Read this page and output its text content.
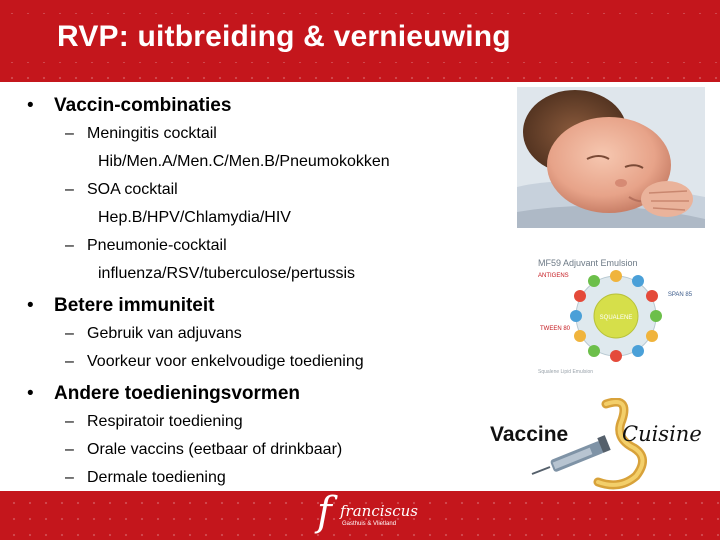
RVP: uitbreiding & vernieuwing
• Vaccin-combinaties
– Meningitis cocktail
Hib/Men.A/Men.C/Men.B/Pneumokokken
– SOA cocktail
Hep.B/HPV/Chlamydia/HIV
– Pneumonie-cocktail
influenza/RSV/tuberculose/pertussis
• Betere immuniteit
– Gebruik van adjuvans
– Voorkeur voor enkelvoudige toediening
• Andere toedieningsvormen
– Respiratoir toediening
– Orale vaccins (eetbaar of drinkbaar)
– Dermale toediening
MF59 Adjuvant Emulsion
ANTIGENS
SQUALENE
SPAN 85
TWEEN 80
Squalene Lipid Emulsion
Vaccine	Cuisine
f franciscus
Gasthuis & Vlietland
